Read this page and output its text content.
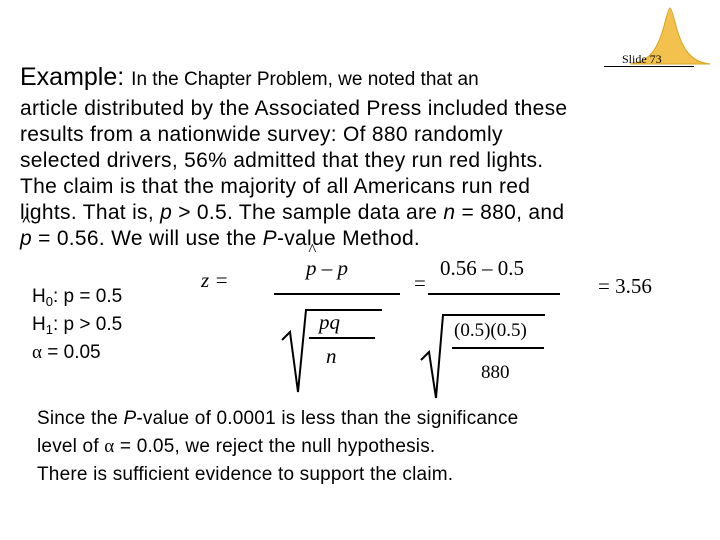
Slide 73
Example: In the Chapter Problem, we noted that an
article distributed by the Associated Press included these
results from a nationwide survey: Of 880 randomly
selected drivers, 56% admitted that they run red lights.
The claim is that the majority of all Americans run red
lights. That is, p > 0.5. The sample data are n = 880, and
^ p = 0.56. We will use the P-value Method.
$H_0$: p = 0.5
$H_1$: p > 0.5
α = 0.05
z =
^	p – p
pq
n
=
0.56 – 0.5
(0.5)(0.5)
880
= 3.56
Since the P-value of 0.0001 is less than the significance
level of α = 0.05, we reject the null hypothesis.
There is sufficient evidence to support the claim.
